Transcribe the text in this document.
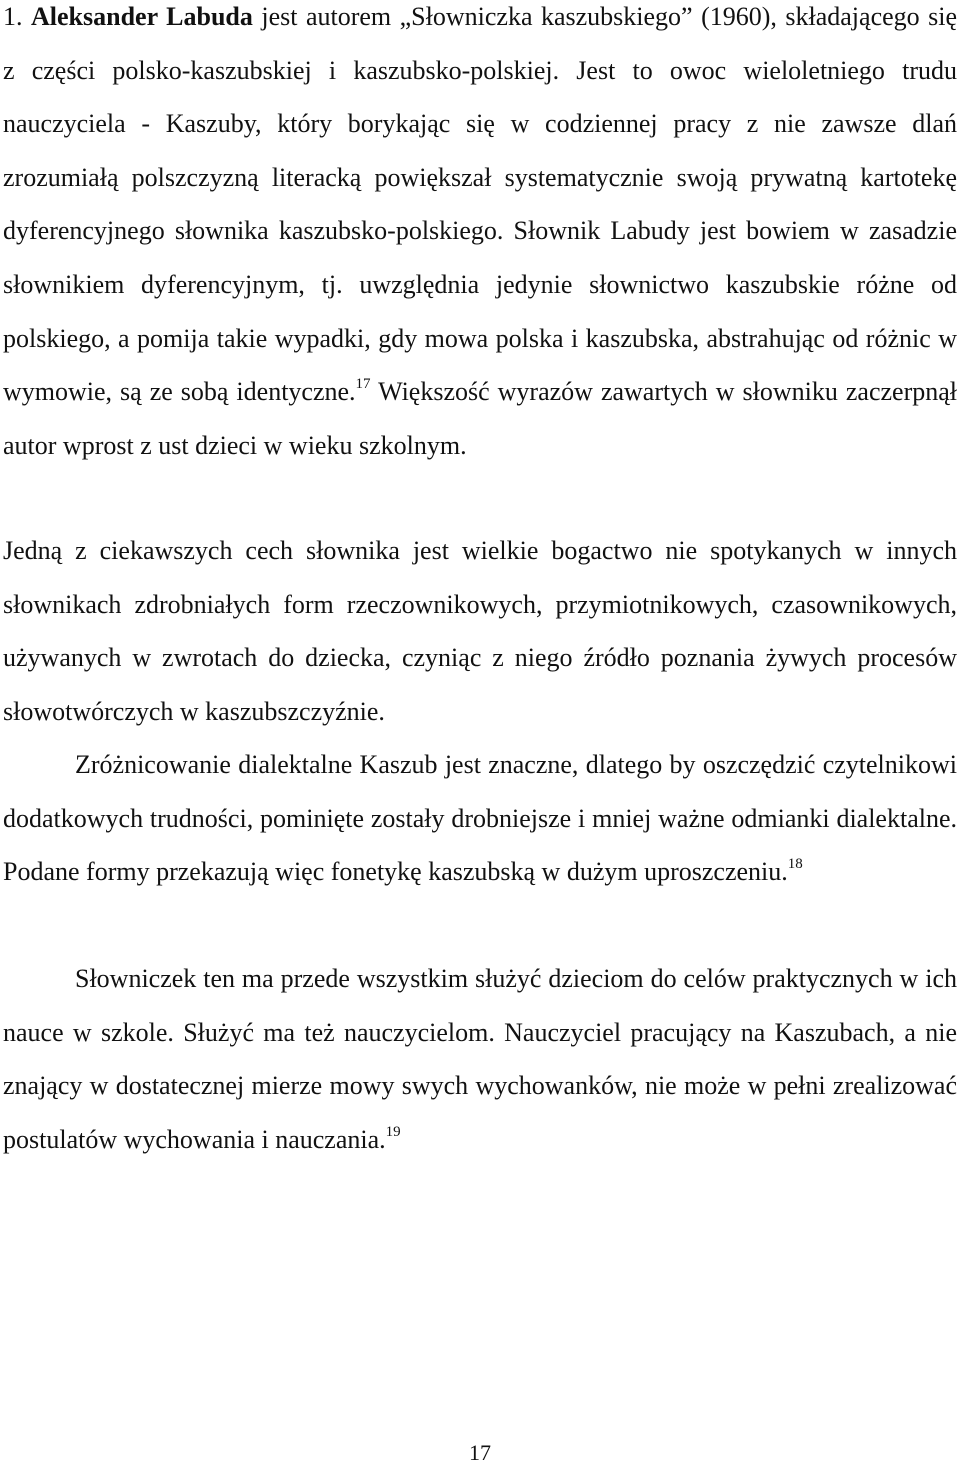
1. Aleksander Labuda jest autorem „Słowniczka kaszubskiego” (1960), składającego się z części polsko-kaszubskiej i kaszubsko-polskiej. Jest to owoc wieloletniego trudu nauczyciela - Kaszuby, który borykając się w codziennej pracy z nie zawsze dlań zrozumiałą polszczyzną literacką powiększał systematycznie swoją prywatną kartotekę dyferencyjnego słownika kaszubsko-polskiego. Słownik Labudy jest bowiem w zasadzie słownikiem dyferencyjnym, tj. uwzględnia jedynie słownictwo kaszubskie różne od polskiego, a pomija takie wypadki, gdy mowa polska i kaszubska, abstrahując od różnic w wymowie, są ze sobą identyczne.$^{17}$ Większość wyrazów zawartych w słowniku zaczerpnął autor wprost z ust dzieci w wieku szkolnym.

Jedną z ciekawszych cech słownika jest wielkie bogactwo nie spotykanych w innych słownikach zdrobniałych form rzeczownikowych, przymiotnikowych, czasownikowych, używanych w zwrotach do dziecka, czyniąc z niego źródło poznania żywych procesów słowotwórczych w kaszubszczyźnie.

Zróżnicowanie dialektalne Kaszub jest znaczne, dlatego by oszczędzić czytelnikowi dodatkowych trudności, pominięte zostały drobniejsze i mniej ważne odmianki dialektalne. Podane formy przekazują więc fonetykę kaszubską w dużym uproszczeniu.$^{18}$

Słowniczek ten ma przede wszystkim służyć dzieciom do celów praktycznych w ich nauce w szkole. Służyć ma też nauczycielom. Nauczyciel pracujący na Kaszubach, a nie znający w dostatecznej mierze mowy swych wychowanków, nie może w pełni zrealizować postulatów wychowania i nauczania.$^{19}$

17
